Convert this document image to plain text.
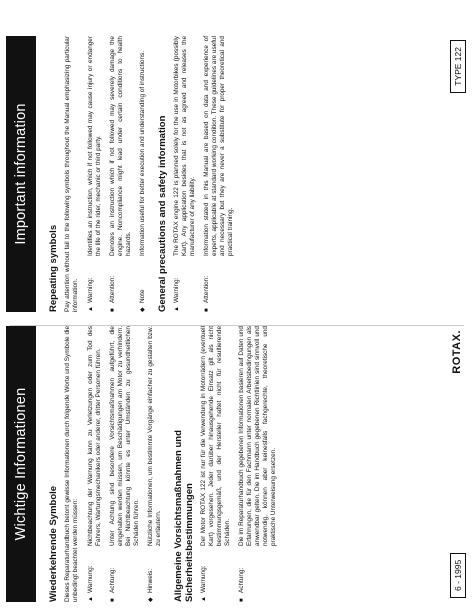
Wichtige Informationen
Wiederkehrende Symbole Dieses Reparaturhandbuch betont gewisse Informationen durch folgende Worte und Symbole die unbedingt beachtet werden müssen: ▲Warnung:
Nichtbeachtung der Warnung kann zu Verletzungen oder zum Tod des Fahrers, Wartungsmechanikers oder anderer, dritter Personen führen.
■Achtung:
Unter Achtung sind besondere Vorsichtsmaßnahmen aufgeführt, die eingehalten werden müssen, um Beschädigungen am Motor zu verhindern. Bei Nichtbeachtung könnte es unter Umständen zu gesundheitlichen Schäden führen.
◆Hinweis:
Nützliche Informationen, um bestimmte Vorgänge einfacher zu gestalten bzw. zu erläutern. Allgemeine Vorsichtsmaßnahmen und Sicherheitsbestimmungen ▲Warnung:
Der Motor ROTAX 122 ist nur für die Verwendung in Motorrädern (eventuell Kart) vorgesehen. Jeder darüber hinausgehende Einsatz gilt als nicht bestimmungsgemäß, und der Hersteller haftet nicht für resultierende Schäden.
■Achtung:
Die im Reparaturhandbuch gegebenen Informationen basieren auf Daten und Erfahrungen, die für den Fachmann unter normalen Arbeitsbedingungen als anwendbar gelten. Die im Handbuch gegebenen Richtlinien sind sinnvoll und notwendig, können aber keinesfalls fachgerechte, theoretische und praktische Unterweisung ersetzen.
6 - 1995
ROTAX.
Important information
Repeating symbols Pay attention without fail to the following symbols throughout the Manual emphasizing particular information. ▲Warning:
Identifies an instruction, which if not followed may cause injury or endanger the life of the rider, mechanic or third party.
■Attention:
Denotes an instruction which if not followed may severely damage the engine. Noncompliance might lead under certain conditions to health hazards.
◆Note
Information useful for better execution and understanding of instructions. General precautions and safety information ▲Warning:
The ROTAX engine 122 is planned solely for the use in Motorbikes (possibly Kart). Any application besides that is not as agreed and releases the manufacturer of any liability.
■Attention:
Information stated in this Manual are based on data and experience of experts, applicable at standard working condition. These guidelines are useful and necessary but they are never a substitute for proper theoretical and practical training.
TYPE 122
